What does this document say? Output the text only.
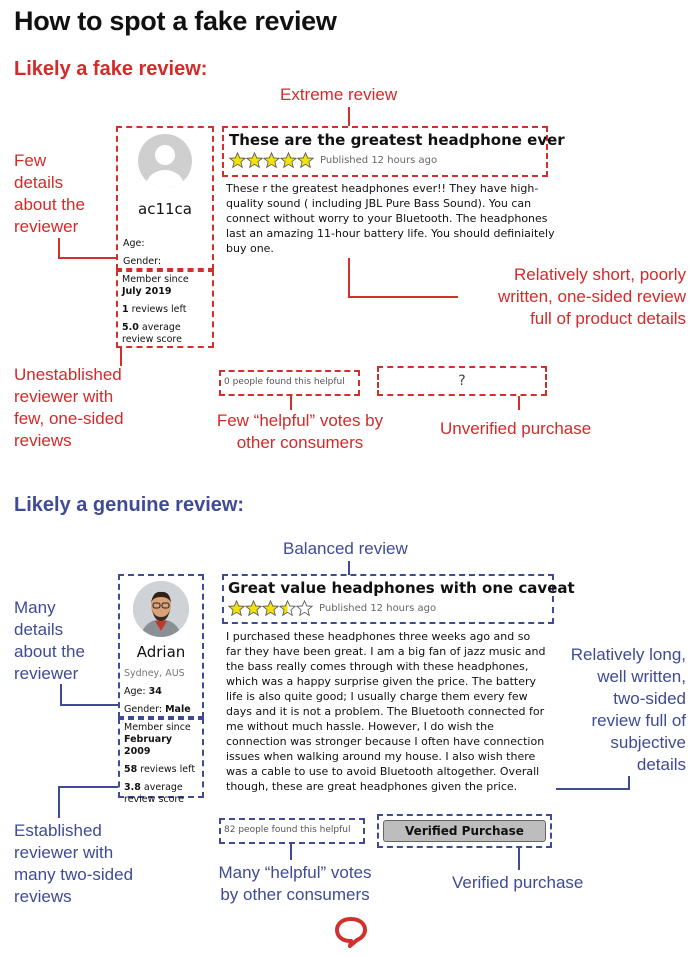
How to spot a fake review
Likely a fake review:
Extreme review
Few
details
about the
reviewer
ac11ca
Age:
Gender:
Member since July 2019
1 reviews left
5.0 average review score
These are the greatest headphone ever
Published 12 hours ago
These r the greatest headphones ever!! They have high-quality sound ( including JBL Pure Bass Sound). You can connect without worry to your Bluetooth. The headphones last an amazing 11-hour battery life. You should definiaitely buy one.
Relatively short, poorly
written, one-sided review
full of product details
Unestablished
reviewer with
few, one-sided
reviews
0 people found this helpful
Few “helpful” votes by
other consumers
?
Unverified purchase
Likely a genuine review:
Balanced review
Many
details
about the
reviewer
Adrian
Sydney, AUS
Age: 34
Gender: Male
Member since
February 2009
58 reviews left
3.8 average review score
Great value headphones with one caveat
Published 12 hours ago
I purchased these headphones three weeks ago and so far they have been great. I am a big fan of jazz music and the bass really comes through with these headphones, which was a happy surprise given the price. The battery life is also quite good; I usually charge them every few days and it is not a problem. The Bluetooth connected for me without much hassle. However, I do wish the connection was stronger because I often have connection issues when walking around my house. I also wish there was a cable to use to avoid Bluetooth altogether. Overall though, these are great headphones given the price.
Relatively long,
well written,
two-sided
review full of
subjective
details
Established
reviewer with
many two-sided
reviews
82 people found this helpful
Many “helpful” votes
by other consumers
Verified Purchase
Verified purchase
